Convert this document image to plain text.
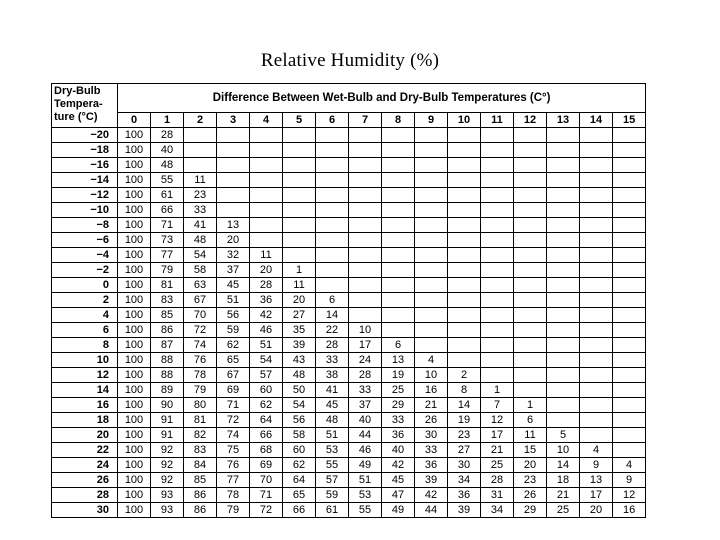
Relative Humidity (%)
Dry-Bulb Tempera-ture (°C)	Difference Between Wet-Bulb and Dry-Bulb Temperatures (C°)															
	0	1	2	3	4	5	6	7	8	9	10	11	12	13	14	15
−20	100	28														
−18	100	40														
−16	100	48														
−14	100	55	11													
−12	100	61	23													
−10	100	66	33													
−8	100	71	41	13												
−6	100	73	48	20												
−4	100	77	54	32	11											
−2	100	79	58	37	20	1										
0	100	81	63	45	28	11										
2	100	83	67	51	36	20	6									
4	100	85	70	56	42	27	14									
6	100	86	72	59	46	35	22	10								
8	100	87	74	62	51	39	28	17	6							
10	100	88	76	65	54	43	33	24	13	4						
12	100	88	78	67	57	48	38	28	19	10	2					
14	100	89	79	69	60	50	41	33	25	16	8	1				
16	100	90	80	71	62	54	45	37	29	21	14	7	1			
18	100	91	81	72	64	56	48	40	33	26	19	12	6			
20	100	91	82	74	66	58	51	44	36	30	23	17	11	5		
22	100	92	83	75	68	60	53	46	40	33	27	21	15	10	4	
24	100	92	84	76	69	62	55	49	42	36	30	25	20	14	9	4
26	100	92	85	77	70	64	57	51	45	39	34	28	23	18	13	9
28	100	93	86	78	71	65	59	53	47	42	36	31	26	21	17	12
30	100	93	86	79	72	66	61	55	49	44	39	34	29	25	20	16
